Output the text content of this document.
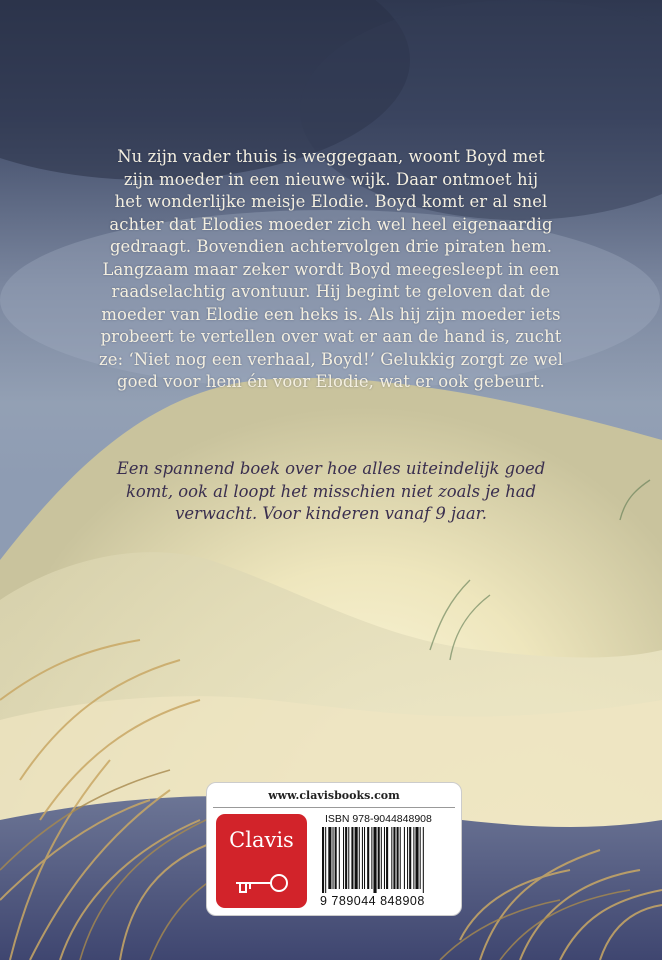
Nu zijn vader thuis is weggegaan, woont Boyd met

zijn moeder in een nieuwe wijk. Daar ontmoet hij

het wonderlijke meisje Elodie. Boyd komt er al snel

achter dat Elodies moeder zich wel heel eigenaardig

gedraagt. Bovendien achtervolgen drie piraten hem.

Langzaam maar zeker wordt Boyd meegesleept in een

raadselachtig avontuur. Hij begint te geloven dat de

moeder van Elodie een heks is. Als hij zijn moeder iets

probeert te vertellen over wat er aan de hand is, zucht

ze: ‘Niet nog een verhaal, Boyd!’ Gelukkig zorgt ze wel

goed voor hem én voor Elodie, wat er ook gebeurt.

Een spannend boek over hoe alles uiteindelijk goed

komt, ook al loopt het misschien niet zoals je had

verwacht. Voor kinderen vanaf 9 jaar.

www.clavisbooks.com
Clavis
ISBN 978-9044848908
9 789044 848908
